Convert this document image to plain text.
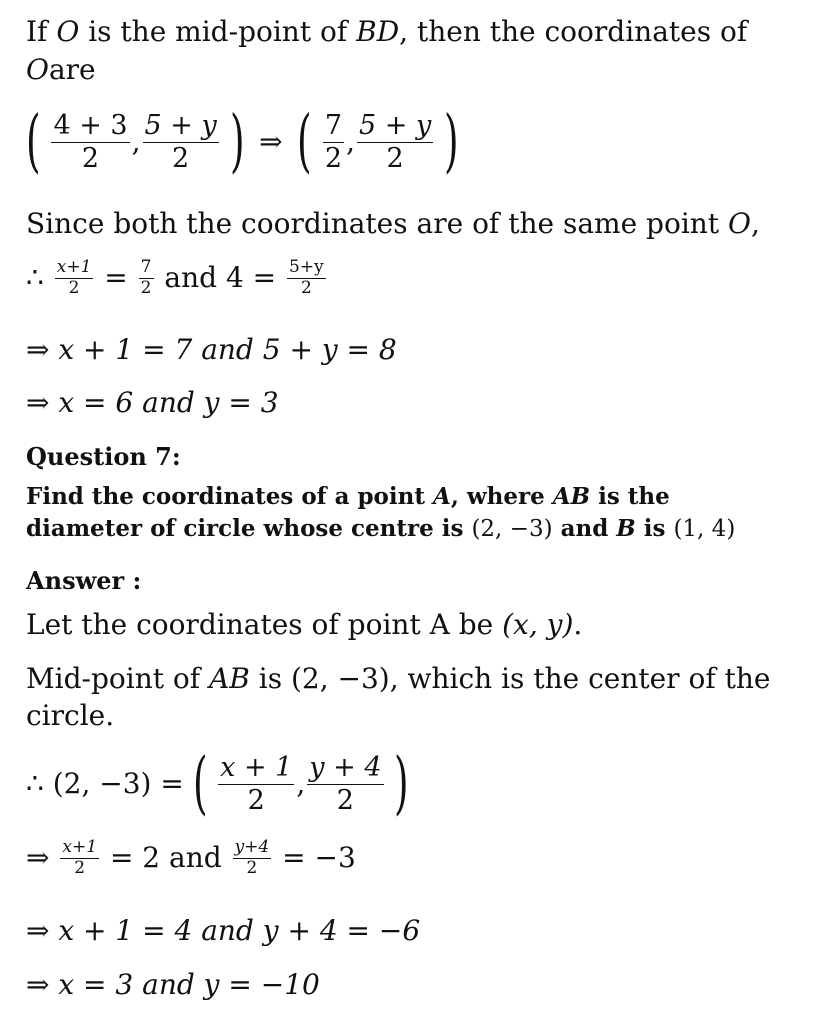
If O is the mid-point of BD, then the coordinates of
Oare
( $\frac{4 + 3}{2}$ , $\frac{5 + y}{2}$ ) ⇒ ( $\frac{7}{2}$ , $\frac{5 + y}{2}$ )
Since both the coordinates are of the same point O,
∴ $\frac{x+1}{2} = \frac{7}{2}$ and $4 = \frac{5+y}{2}$
⇒ x + 1 = 7 and 5 + y = 8
⇒ x = 6 and y = 3
Question 7:
Find the coordinates of a point A, where AB is the
diameter of circle whose centre is (2, −3) and B is (1, 4)
Answer :
Let the coordinates of point A be (x, y).
Mid-point of AB is (2, −3), which is the center of the
circle.
∴ (2, −3) = ( $\frac{x + 1}{2}$ , $\frac{y + 4}{2}$ )
⇒ $\frac{x+1}{2} = 2$ and $\frac{y+4}{2} = -3$
⇒ x + 1 = 4 and y + 4 = −6
⇒ x = 3 and y = −10
